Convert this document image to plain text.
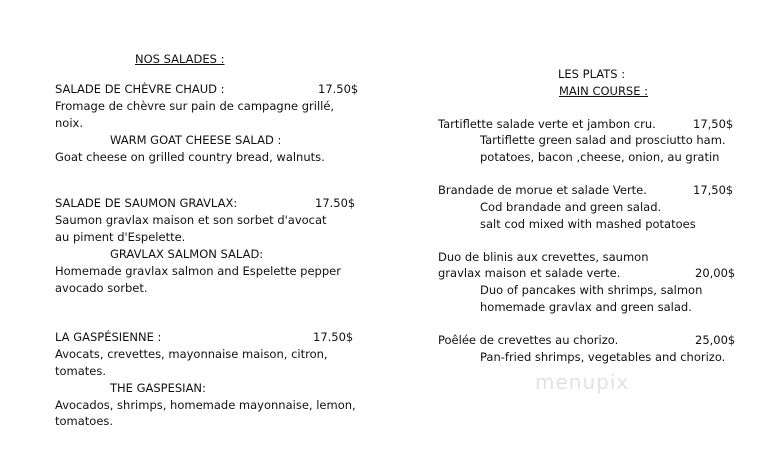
NOS SALADES :
SALADE DE CHÈVRE CHAUD :	17.50$
Fromage de chèvre sur pain de campagne grillé,
noix.
WARM GOAT CHEESE SALAD :
Goat cheese on grilled country bread, walnuts.
SALADE DE SAUMON GRAVLAX:	17.50$
Saumon gravlax maison et son sorbet d'avocat
au piment d'Espelette.
GRAVLAX SALMON SALAD:
Homemade gravlax salmon and Espelette pepper
avocado sorbet.
LA GASPÉSIENNE :	17.50$
Avocats, crevettes, mayonnaise maison, citron,
tomates.
THE GASPESIAN:
Avocados, shrimps, homemade mayonnaise, lemon,
tomatoes.
LES PLATS :
MAIN COURSE :
Tartiflette salade verte et jambon cru.	17,50$
Tartiflette green salad and prosciutto ham.
potatoes, bacon ,cheese, onion, au gratin
Brandade de morue et salade Verte.	17,50$
Cod brandade and green salad.
salt cod mixed with mashed potatoes
Duo de blinis aux crevettes, saumon
gravlax maison et salade verte.	20,00$
Duo of pancakes with shrimps, salmon
homemade gravlax and green salad.
Poêlée de crevettes au chorizo.	25,00$
Pan-fried shrimps, vegetables and chorizo.
menupix
